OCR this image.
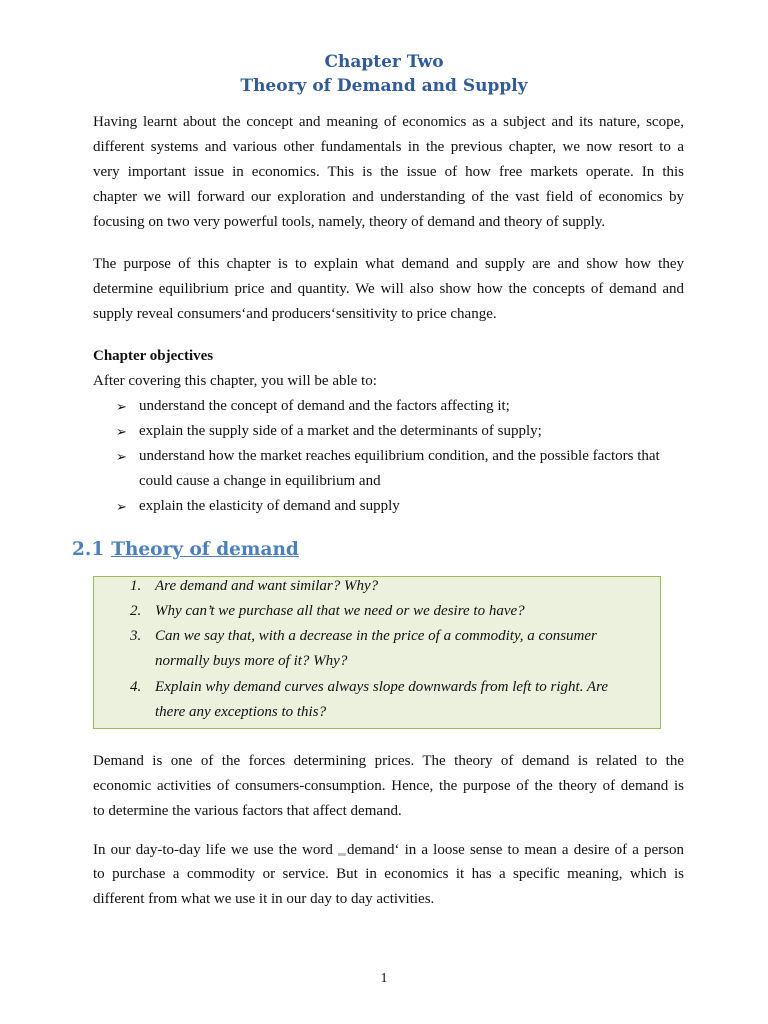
Chapter Two
Theory of Demand and Supply
Having learnt about the concept and meaning of economics as a subject and its nature, scope,
different systems and various other fundamentals in the previous chapter, we now resort to a
very important issue in economics. This is the issue of how free markets operate. In this
chapter we will forward our exploration and understanding of the vast field of economics by
focusing on two very powerful tools, namely, theory of demand and theory of supply.
The purpose of this chapter is to explain what demand and supply are and show how they
determine equilibrium price and quantity. We will also show how the concepts of demand and
supply reveal consumers‘and producers‘sensitivity to price change.
Chapter objectives
After covering this chapter, you will be able to:
➢ understand the concept of demand and the factors affecting it;
➢ explain the supply side of a market and the determinants of supply;
➢ understand how the market reaches equilibrium condition, and the possible factors that
could cause a change in equilibrium and
➢ explain the elasticity of demand and supply
2.1 Theory of demand
1. Are demand and want similar? Why?
2. Why can’t we purchase all that we need or we desire to have?
3. Can we say that, with a decrease in the price of a commodity, a consumer
normally buys more of it? Why?
4. Explain why demand curves always slope downwards from left to right. Are
there any exceptions to this?
Demand is one of the forces determining prices. The theory of demand is related to the
economic activities of consumers-consumption. Hence, the purpose of the theory of demand is
to determine the various factors that affect demand.
In our day-to-day life we use the word demand‘ in a loose sense to mean a desire of a person
to purchase a commodity or service. But in economics it has a specific meaning, which is
different from what we use it in our day to day activities.
1
